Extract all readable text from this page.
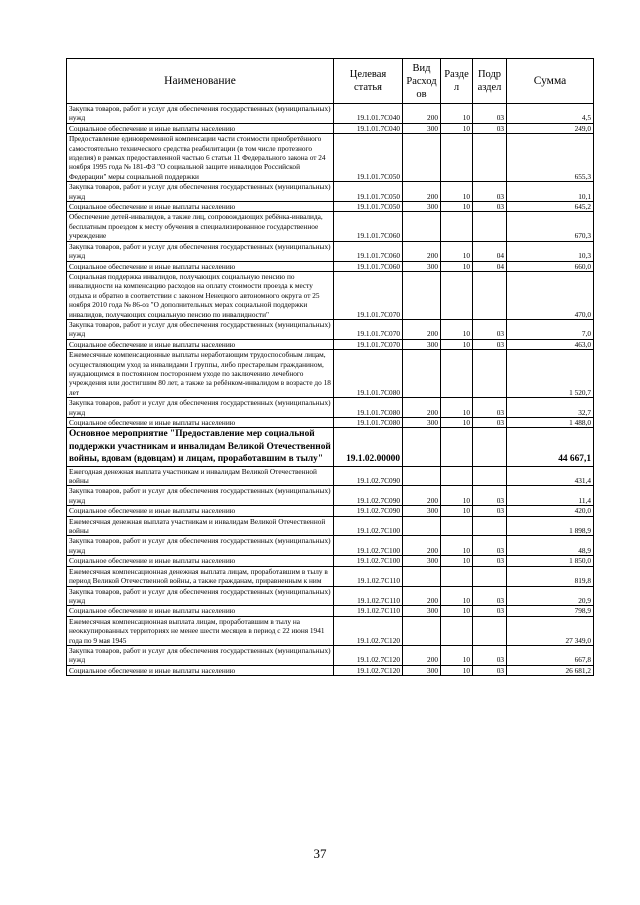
Наименование	Целевая статья	Вид Расход ов	Разде л	Подр аздел	Сумма
Закупка товаров, работ и услуг для обеспечения государственных (муниципальных) нужд	19.1.01.7С040	200	10	03	4,5
Социальное обеспечение и иные выплаты населению	19.1.01.7С040	300	10	03	249,0
Предоставление единовременной компенсации части стоимости приобретённого самостоятельно технического средства реабилитации (в том числе протезного изделия) в рамках предоставленной частью 6 статьи 11 Федерального закона от 24 ноября 1995 года № 181-ФЗ "О социальной защите инвалидов Российской Федерации" меры социальной поддержки	19.1.01.7С050				655,3
Закупка товаров, работ и услуг для обеспечения государственных (муниципальных) нужд	19.1.01.7С050	200	10	03	10,1
Социальное обеспечение и иные выплаты населению	19.1.01.7С050	300	10	03	645,2
Обеспечение детей-инвалидов, а также лиц, сопровождающих ребёнка-инвалида, бесплатным проездом к месту обучения в специализированное государственное учреждение	19.1.01.7С060				670,3
Закупка товаров, работ и услуг для обеспечения государственных (муниципальных) нужд	19.1.01.7С060	200	10	04	10,3
Социальное обеспечение и иные выплаты населению	19.1.01.7С060	300	10	04	660,0
Социальная поддержка инвалидов, получающих социальную пенсию по инвалидности на компенсацию расходов на оплату стоимости проезда к месту отдыха и обратно в соответствии с законом Ненецкого автономного округа от 25 ноября 2010 года № 86-оз "О дополнительных мерах социальной поддержки инвалидов, получающих социальную пенсию по инвалидности"	19.1.01.7С070				470,0
Закупка товаров, работ и услуг для обеспечения государственных (муниципальных) нужд	19.1.01.7С070	200	10	03	7,0
Социальное обеспечение и иные выплаты населению	19.1.01.7С070	300	10	03	463,0
Ежемесячные компенсационные выплаты неработающим трудоспособным лицам, осуществляющим уход за инвалидами I группы, либо престарелым гражданином, нуждающимся в постоянном постороннем уходе по заключению лечебного учреждения или достигшим 80 лет, а также за ребёнком-инвалидом в возрасте до 18 лет	19.1.01.7С080				1 520,7
Закупка товаров, работ и услуг для обеспечения государственных (муниципальных) нужд	19.1.01.7С080	200	10	03	32,7
Социальное обеспечение и иные выплаты населению	19.1.01.7С080	300	10	03	1 488,0
Основное мероприятие "Предоставление мер социальной поддержки участникам и инвалидам Великой Отечественной войны, вдовам (вдовцам) и лицам, проработавшим в тылу"	19.1.02.00000				44 667,1
Ежегодная денежная выплата участникам и инвалидам Великой Отечественной войны	19.1.02.7С090				431,4
Закупка товаров, работ и услуг для обеспечения государственных (муниципальных) нужд	19.1.02.7С090	200	10	03	11,4
Социальное обеспечение и иные выплаты населению	19.1.02.7С090	300	10	03	420,0
Ежемесячная денежная выплата участникам и инвалидам Великой Отечественной войны	19.1.02.7С100				1 898,9
Закупка товаров, работ и услуг для обеспечения государственных (муниципальных) нужд	19.1.02.7С100	200	10	03	48,9
Социальное обеспечение и иные выплаты населению	19.1.02.7С100	300	10	03	1 850,0
Ежемесячная компенсационная денежная выплата лицам, проработавшим в тылу в период Великой Отечественной войны, а также гражданам, приравненным к ним	19.1.02.7С110				819,8
Закупка товаров, работ и услуг для обеспечения государственных (муниципальных) нужд	19.1.02.7С110	200	10	03	20,9
Социальное обеспечение и иные выплаты населению	19.1.02.7С110	300	10	03	798,9
Ежемесячная компенсационная выплата лицам, проработавшим в тылу на неоккупированных территориях не менее шести месяцев в период с 22 июня 1941 года по 9 мая 1945	19.1.02.7С120				27 349,0
Закупка товаров, работ и услуг для обеспечения государственных (муниципальных) нужд	19.1.02.7С120	200	10	03	667,8
Социальное обеспечение и иные выплаты населению	19.1.02.7С120	300	10	03	26 681,2
37
